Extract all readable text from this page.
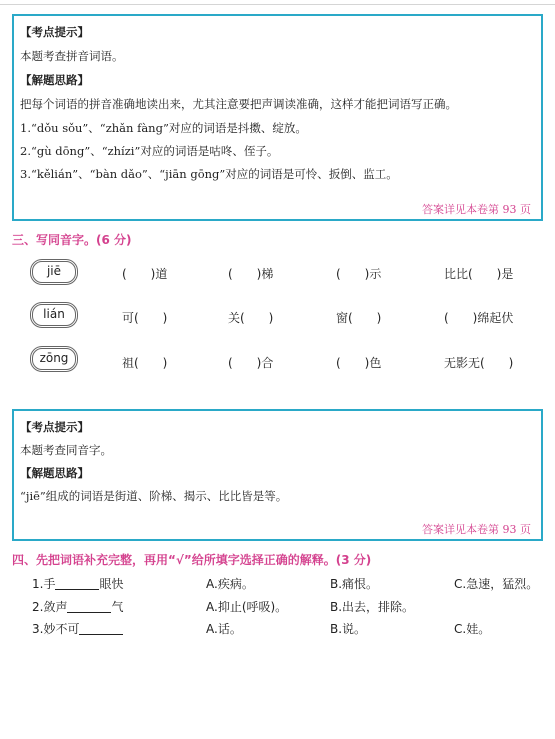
【考点提示】
本题考查拼音词语。
【解题思路】
把每个词语的拼音准确地读出来，尤其注意要把声调读准确，这样才能把词语写正确。
1.“dǒu sǒu”、“zhǎn fàng”对应的词语是抖擞、绽放。
2.“gù dōng”、“zhízi”对应的词语是咕咚、侄子。
3.“kělián”、“bàn dǎo”、“jiān gōng”对应的词语是可怜、扳倒、监工。
答案详见本卷第 93 页
三、写同音字。(6 分)
jiē	(　　)道	(　　)梯	(　　)示	比比(　　)是
lián	可(　　)	关(　　)	窗(　　)	(　　)绵起伏
zōng	祖(　　)	(　　)合	(　　)色	无影无(　　)
【考点提示】
本题考查同音字。
【解题思路】
“jiē”组成的词语是街道、阶梯、揭示、比比皆是等。
答案详见本卷第 93 页
四、先把词语补充完整，再用“√”给所填字选择正确的解释。(3 分)
1.手	眼快	A.疾病。	B.痛恨。	C.急速，猛烈。
2.敛声	气	A.抑止(呼吸)。	B.出去，排除。
3.妙不可	A.话。	B.说。	C.娃。
